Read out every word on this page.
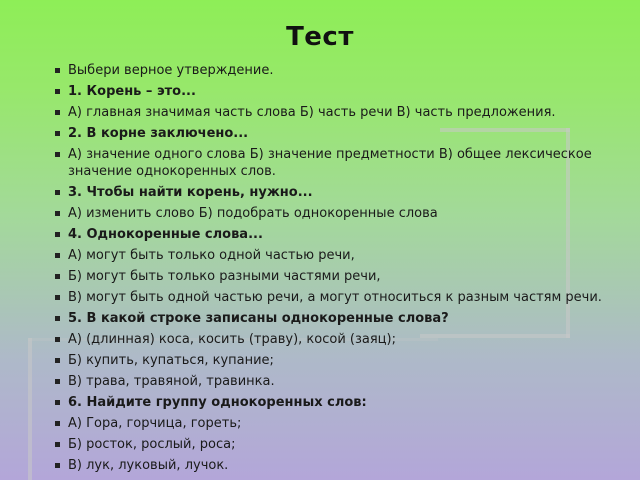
Тест
Выбери верное утверждение.
1. Корень – это...
А) главная значимая часть слова Б) часть речи В) часть предложения.
2. В корне заключено...
А) значение одного слова Б) значение предметности В) общее лексическое значение однокоренных слов.
3. Чтобы найти корень, нужно...
А) изменить слово Б) подобрать однокоренные слова
4. Однокоренные слова...
А) могут быть только одной частью речи,
Б) могут быть только разными частями речи,
В) могут быть одной частью речи, а могут относиться к разным частям речи.
5. В какой строке записаны однокоренные слова?
А) (длинная) коса, косить (траву), косой (заяц);
Б) купить, купаться, купание;
В) трава, травяной, травинка.
6. Найдите группу однокоренных слов:
А) Гора, горчица, гореть;
Б) росток, рослый, роса;
В) лук, луковый, лучок.
